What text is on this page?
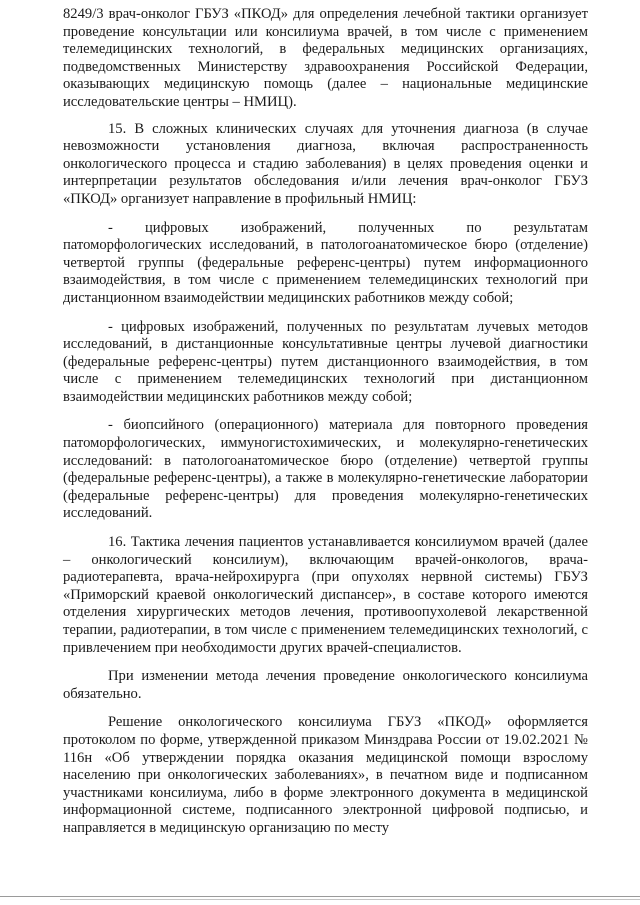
8249/3 врач-онколог ГБУЗ «ПКОД» для определения лечебной тактики организует проведение консультации или консилиума врачей, в том числе с применением телемедицинских технологий, в федеральных медицинских организациях, подведомственных Министерству здравоохранения Российской Федерации, оказывающих медицинскую помощь (далее – национальные медицинские исследовательские центры – НМИЦ).

15. В сложных клинических случаях для уточнения диагноза (в случае невозможности установления диагноза, включая распространенность онкологического процесса и стадию заболевания) в целях проведения оценки и интерпретации результатов обследования и/или лечения врач-онколог ГБУЗ «ПКОД» организует направление в профильный НМИЦ:

- цифровых изображений, полученных по результатам патоморфологических исследований, в патологоанатомическое бюро (отделение) четвертой группы (федеральные референс-центры) путем информационного взаимодействия, в том числе с применением телемедицинских технологий при дистанционном взаимодействии медицинских работников между собой;

- цифровых изображений, полученных по результатам лучевых методов исследований, в дистанционные консультативные центры лучевой диагностики (федеральные референс-центры) путем дистанционного взаимодействия, в том числе с применением телемедицинских технологий при дистанционном взаимодействии медицинских работников между собой;

- биопсийного (операционного) материала для повторного проведения патоморфологических, иммуногистохимических, и молекулярно-генетических исследований: в патологоанатомическое бюро (отделение) четвертой группы (федеральные референс-центры), а также в молекулярно-генетические лаборатории (федеральные референс-центры) для проведения молекулярно-генетических исследований.

16. Тактика лечения пациентов устанавливается консилиумом врачей (далее – онкологический консилиум), включающим врачей-онкологов, врача-радиотерапевта, врача-нейрохирурга (при опухолях нервной системы) ГБУЗ «Приморский краевой онкологический диспансер», в составе которого имеются отделения хирургических методов лечения, противоопухолевой лекарственной терапии, радиотерапии, в том числе с применением телемедицинских технологий, с привлечением при необходимости других врачей-специалистов.

При изменении метода лечения проведение онкологического консилиума обязательно.

Решение онкологического консилиума ГБУЗ «ПКОД» оформляется протоколом по форме, утвержденной приказом Минздрава России от 19.02.2021 № 116н «Об утверждении порядка оказания медицинской помощи взрослому населению при онкологических заболеваниях», в печатном виде и подписанном участниками консилиума, либо в форме электронного документа в медицинской информационной системе, подписанного электронной цифровой подписью, и направляется в медицинскую организацию по месту
